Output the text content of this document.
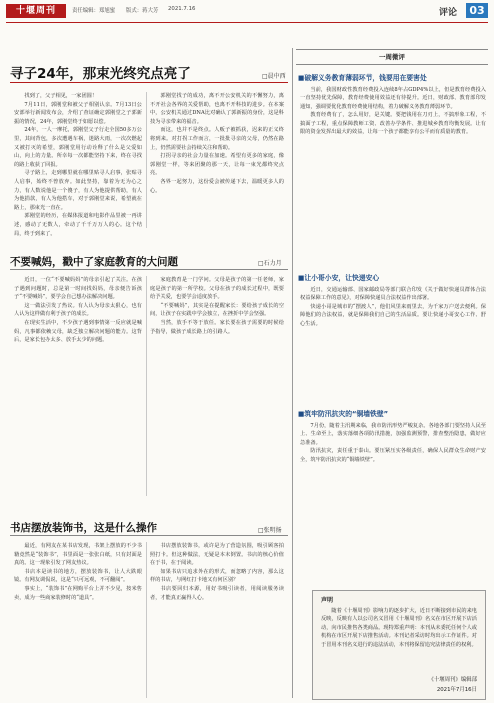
十堰周刊	责任编辑：郑旭蜜 版式：蒋大芳 2021.7.16	评论	03
寻子24年，那束光终究点亮了	□晨中西

找到了，父子相见，一家团圆！

7月11日，郭刚堂和被父子相别认亲。7月13日公安部举行新闻发布会，介绍了查证确定郭刚堂之子郭新振的情况，24年，郭刚堂终于如愿以偿。

24年，一人一摩托，郭刚堂父子行走全国50多万公里，其间背包，多次遭遇车祸，迷路大雨，一次次燃起又被打灭的希望，郭刚堂用行动诠释了什么是父爱如山，向上的力量。所幸每一次都能坚持下来，终在寻找的路上收获了回报。

寻子路上，走到哪里就在哪里贴寻人启事，张贴寻人启事，始终不曾放弃。如此坚持，靠着为无为心之力，有人数说他是一个傻子，有人为他提供帮助，有人为他捐款，有人为他搭车，对于郭刚堂来说，希望就在路上，那束光一直在。

郭刚堂的经历，在媒体报道和电影作品里被一再讲述，感动了无数人，牵动了千千万万人的心。这个结局，终于到来了。

郭刚堂找子的成功，离不开公安机关的不懈努力，离不开社会各界的关爱帮助，也离不开科技的进步。在本案中，公安机关通过DNA比对确认了郭新振的身份，这是科技为寻亲带来的福音。

而这，也并不是终点。人贩子被抓获，迟来的正义终将到来。对打拐工作而言，一批批寻亲的父母，仍然在路上，仍然需要社会持续关注和帮助。

打拐寻亲的社会力量在加速。希望有更多的家庭，像郭刚堂一样，等来团聚的那一天，让每一束光都终究点亮。

各界一起努力，这份爱会被传递下去，温暖更多人的心。

不要喊妈，戳中了家庭教育的大问题	□石力月

近日，一位“不要喊妈妈”的母亲引起了关注。在孩子遇到问题时，总是第一时间找妈妈，母亲便告诉孩子“不要喊妈”，要学会自己想办法解决问题。

这一做法引发了热议。有人认为母亲太狠心，也有人认为这样做有利于孩子的成长。

在现实生活中，不少孩子遇到事情第一反应就是喊妈，凡事都依赖父母，缺乏独立解决问题的能力。这背后，是家长包办太多、放手太少的问题。

家庭教育是一门学问。父母是孩子的第一任老师，家庭是孩子的第一所学校。父母在孩子的成长过程中，既要给予关爱，也要学会适度放手。

“不要喊妈”，其实是在提醒家长：要给孩子成长的空间，让孩子在实践中学会独立，在挫折中学会坚强。

当然，放手不等于放任。家长要在孩子需要的时候给予指导，做孩子成长路上的引路人。

书店摆放装饰书，这是什么操作	□张明扬

最近，有网友在某书店发现，书架上摆放的不少书籍竟然是“装饰书”，书里面是一张张白纸，只有封面是真的。这一现象引发了网友热议。

书店本是读书的地方，摆放装饰书，让人大跌眼镜。有网友调侃说，这是“只可远观，不可翻阅”。

事实上，“装饰书”在网购平台上并不少见，按米售卖，成为一些商家装修时的“道具”。

书店摆放装饰书，或许是为了营造氛围，吸引顾客拍照打卡。但这种做法，无疑是本末倒置。书店的核心价值在于书，在于阅读。

如果书店只追求外在的形式，而忽略了内容，那么这样的书店，与网红打卡地又有何区别？

书店要回归本源，用好书吸引读者，用阅读服务读者，才能真正赢得人心。

一周微评
■破解义务教育薄弱环节，钱要用在要害处

当前，我国财政性教育经费投入连续8年占GDP4%以上，但是教育经费投入一直坚持优先保障，教育经费使用效益还有待提升。近日，财政部、教育部印发通知，强调要优化教育经费使用结构，着力破解义务教育薄弱环节。

教育经费有了，怎么用好，是关键。要把钱用在刀刃上，不搞形象工程，不搞面子工程，重点保障教师工资、改善办学条件、推进城乡教育均衡发展。让有限的资金发挥出最大的效益，让每一个孩子都能享有公平而有质量的教育。

■让小哥小安，让快递安心

近日，交通运输部、国家邮政局等部门联合印发《关于做好快递员群体合法权益保障工作的意见》，对保障快递员合法权益作出部署。

快递小哥是城市的“摆渡人”，他们风里来雨里去，为千家万户送去便利。保障他们的合法权益，就是保障我们自己的生活品质。要让快递小哥安心工作、舒心生活。

■筑牢防汛抗灾的“铜墙铁壁”

7月份，随着主汛期来临，我市防汛形势严峻复杂。各地各部门要坚持人民至上、生命至上，落实落细各项防汛措施，加强监测预警，排查整治隐患，做好应急准备。

防汛抗灾，责任重于泰山。要压紧压实各级责任，确保人民群众生命财产安全，筑牢防汛抗灾的“铜墙铁壁”。

声明

随着《十堰周刊》影响力的逐步扩大，近日不断接到市民的来电反映，反映有人以公司名义冒用《十堰周刊》名义在市区开展下店活动，向市民推售各类商品。现特郑重声明：本刊从未委托任何个人或机构在市区开展下店推售活动。本刊记者采访时均出示工作证件。对于冒用本刊名义进行的违法活动，本刊将保留追究法律责任的权利。

《十堰周刊》编辑部
2021年7月16日
